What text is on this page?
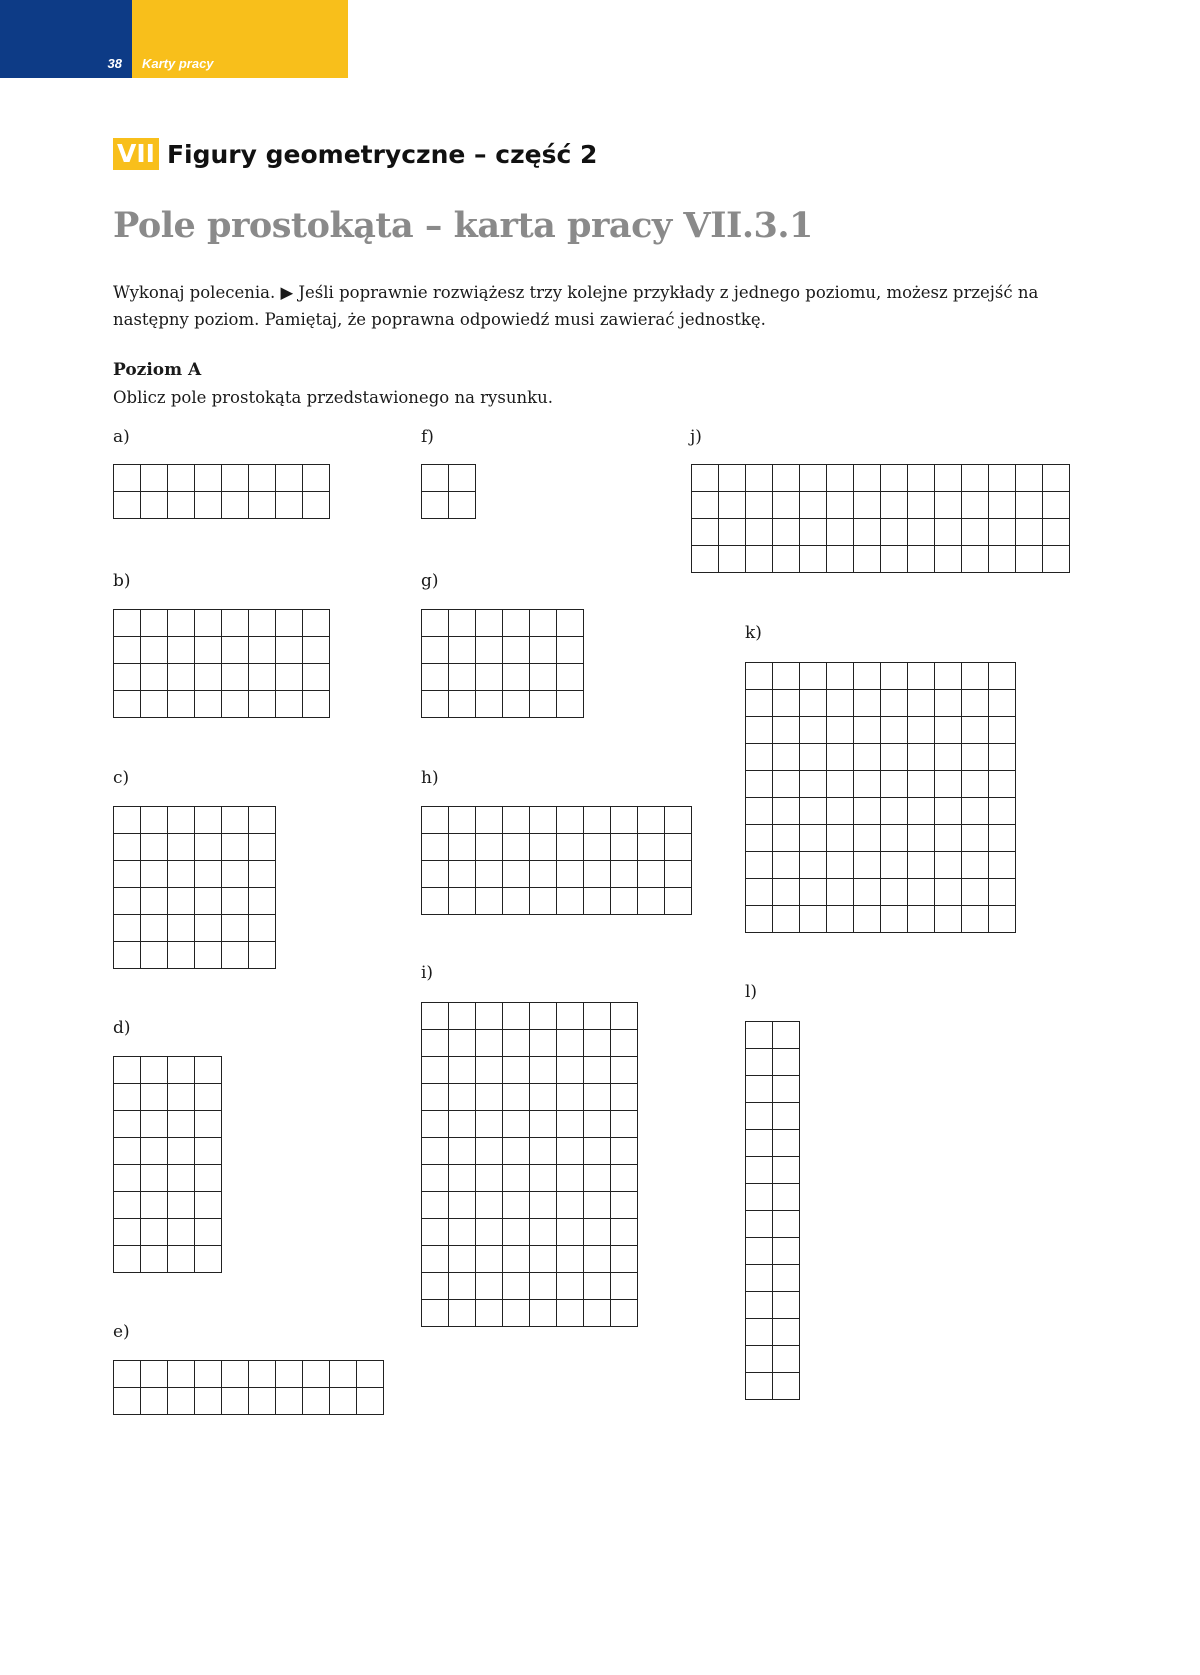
38 Karty pracy
VII Figury geometryczne – część 2
Pole prostokąta – karta pracy VII.3.1
Wykonaj polecenia. ▶ Jeśli poprawnie rozwiążesz trzy kolejne przykłady z jednego poziomu, możesz przejść na następny poziom. Pamiętaj, że poprawna odpowiedź musi zawierać jednostkę.
Poziom A
Oblicz pole prostokąta przedstawionego na rysunku.
a)
b)
c)
d)
e)
f)
g)
h)
i)
j)
k)
l)
